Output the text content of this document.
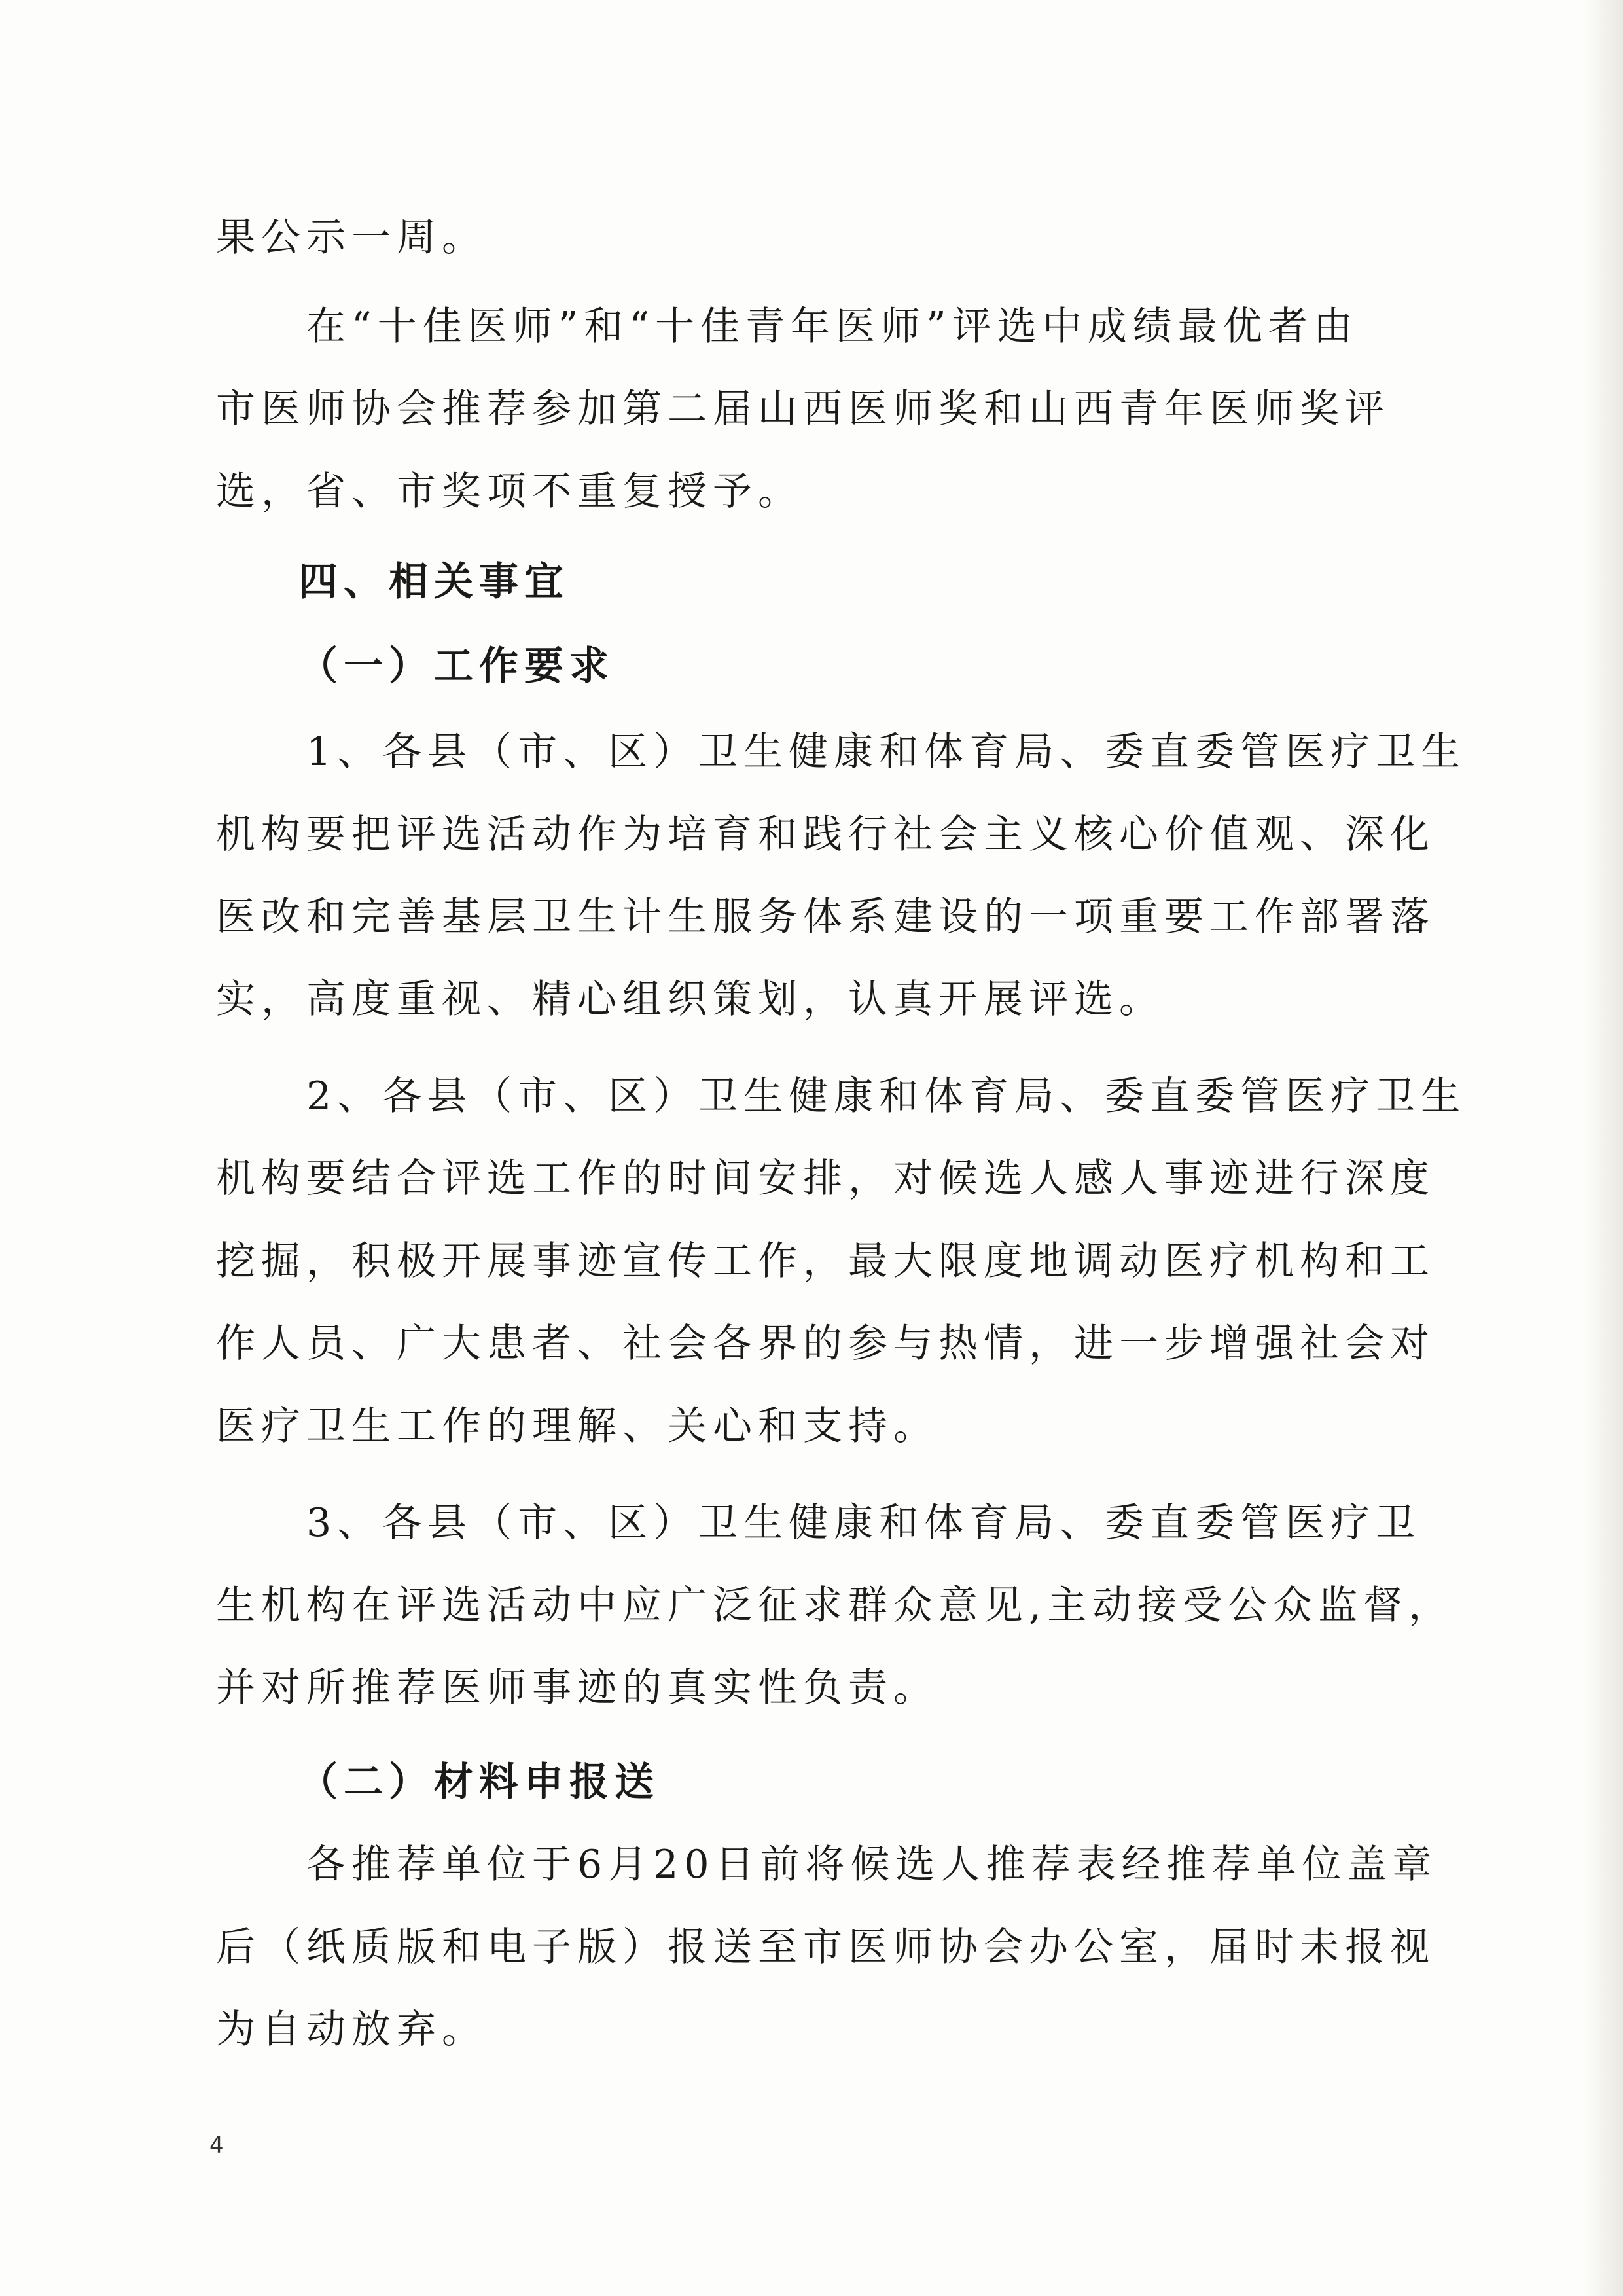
果公示一周。
　　在“十佳医师”和“十佳青年医师”评选中成绩最优者由
市医师协会推荐参加第二届山西医师奖和山西青年医师奖评
选，省、市奖项不重复授予。
四、相关事宜
（一）工作要求
　　1、各县（市、区）卫生健康和体育局、委直委管医疗卫生
机构要把评选活动作为培育和践行社会主义核心价值观、深化
医改和完善基层卫生计生服务体系建设的一项重要工作部署落
实，高度重视、精心组织策划，认真开展评选。
　　2、各县（市、区）卫生健康和体育局、委直委管医疗卫生
机构要结合评选工作的时间安排，对候选人感人事迹进行深度
挖掘，积极开展事迹宣传工作，最大限度地调动医疗机构和工
作人员、广大患者、社会各界的参与热情，进一步增强社会对
医疗卫生工作的理解、关心和支持。
　　3、各县（市、区）卫生健康和体育局、委直委管医疗卫
生机构在评选活动中应广泛征求群众意见,主动接受公众监督，
并对所推荐医师事迹的真实性负责。
（二）材料申报送
　　各推荐单位于6月20日前将候选人推荐表经推荐单位盖章
后（纸质版和电子版）报送至市医师协会办公室，届时未报视
为自动放弃。
4
